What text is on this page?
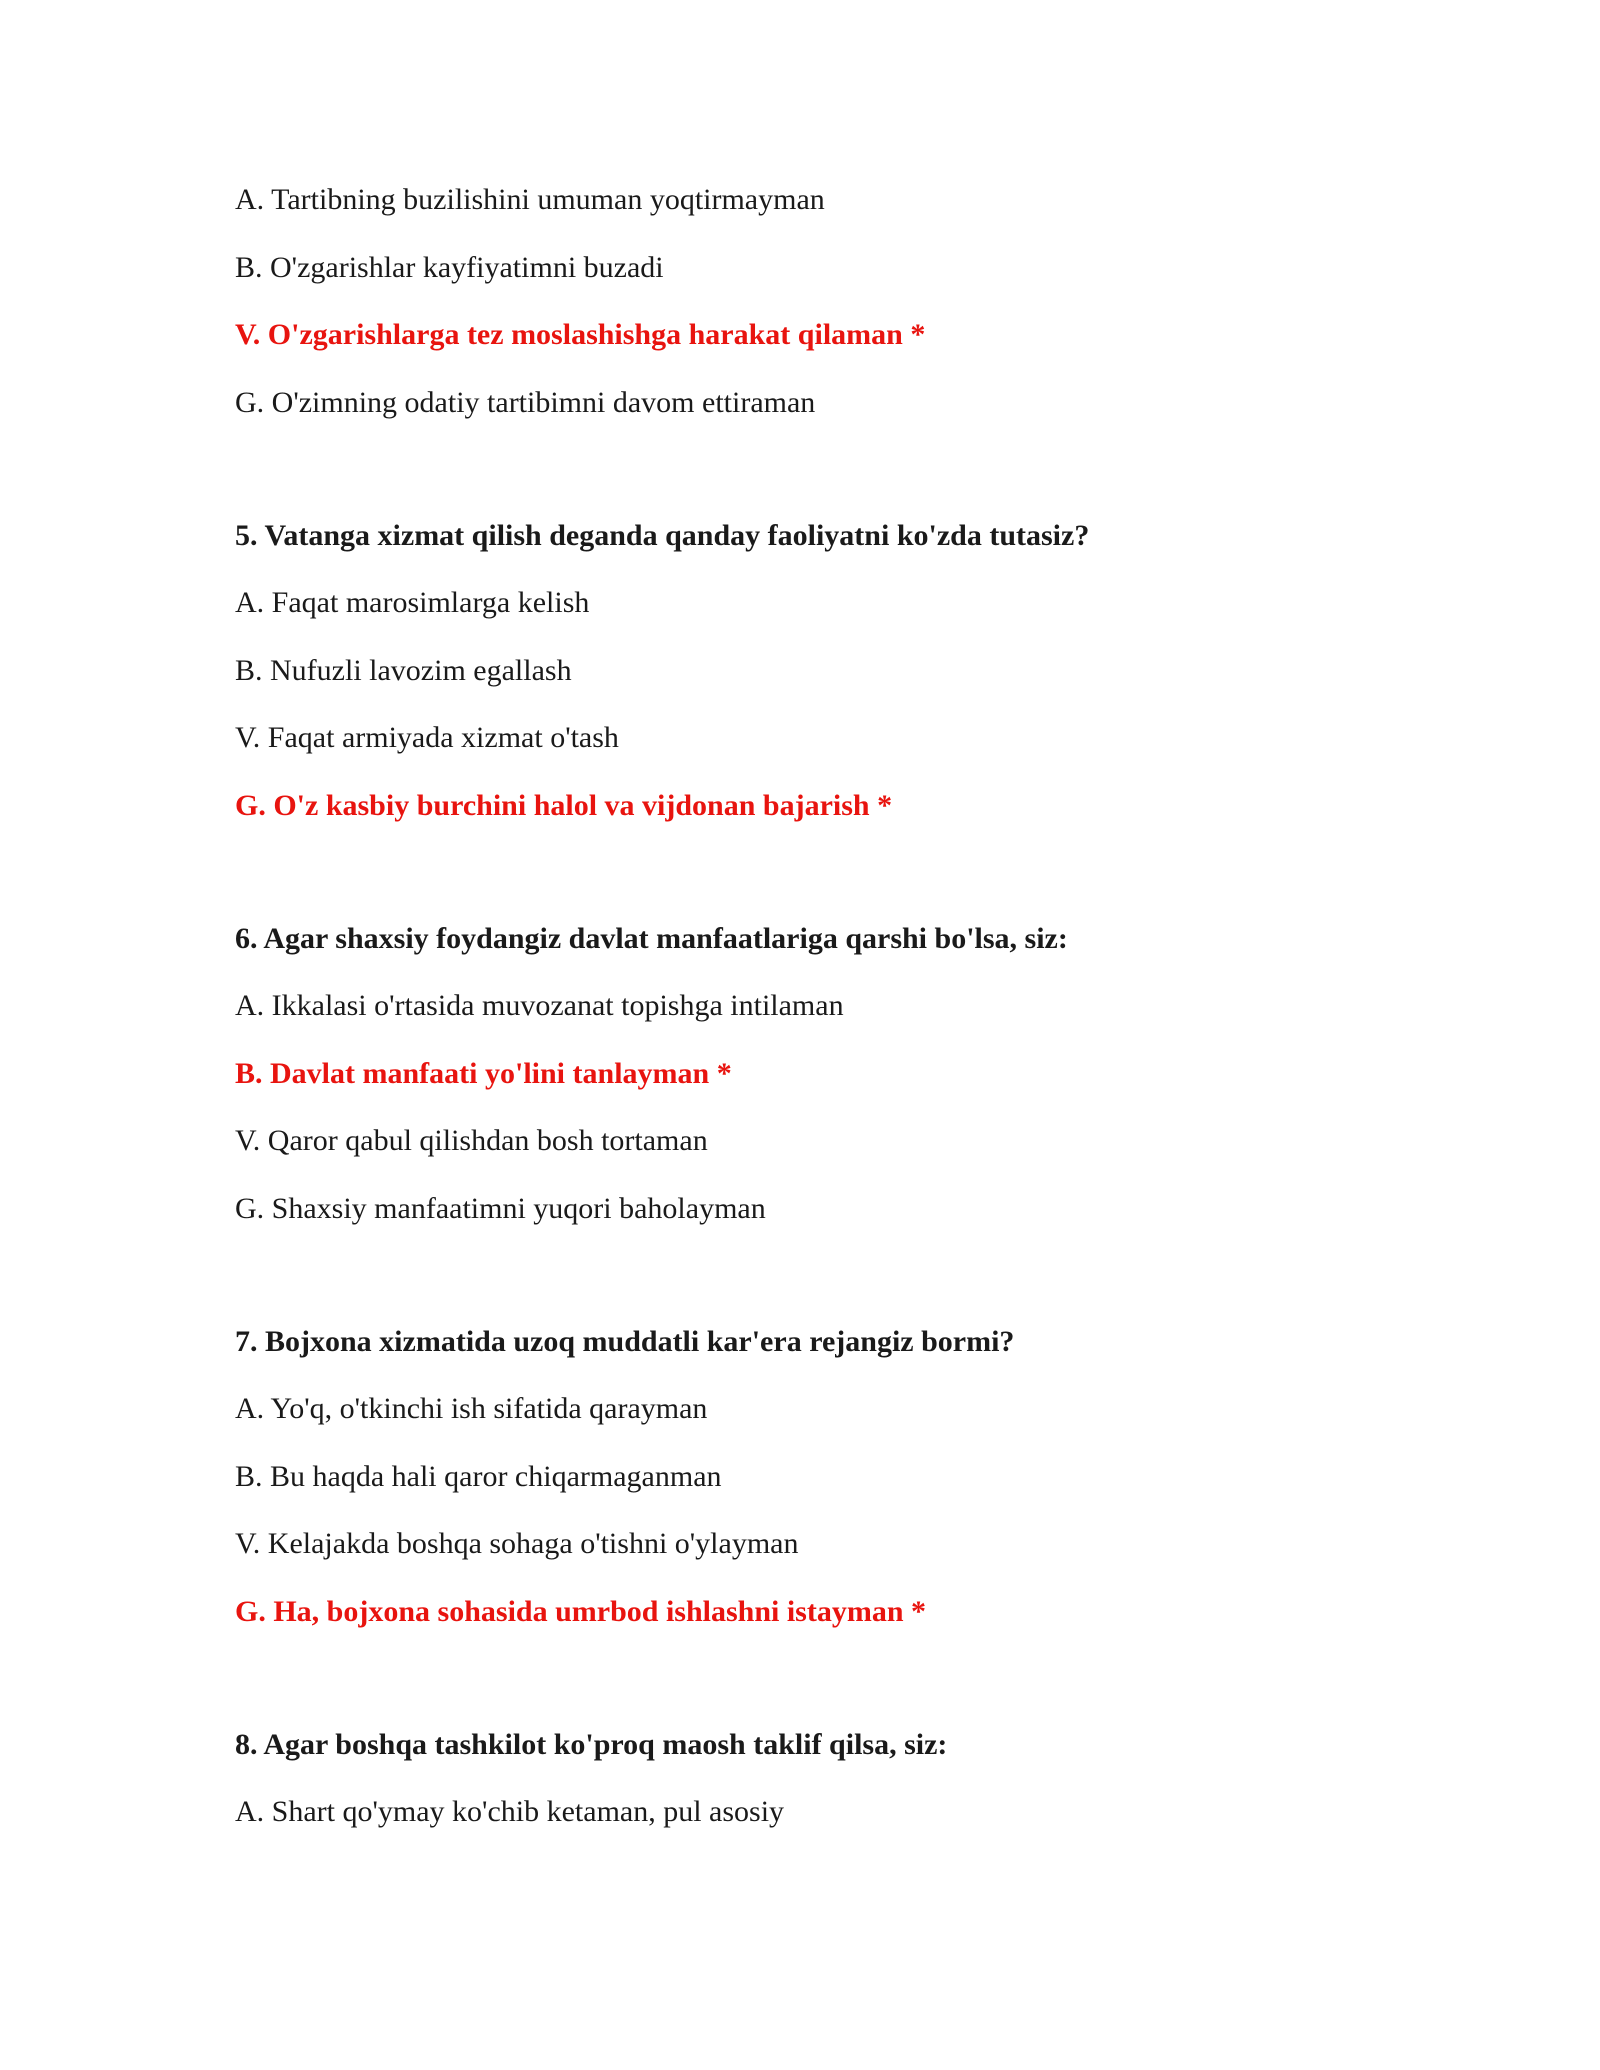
A. Tartibning buzilishini umuman yoqtirmayman

B. O'zgarishlar kayfiyatimni buzadi

V. O'zgarishlarga tez moslashishga harakat qilaman *

G. O'zimning odatiy tartibimni davom ettiraman

5. Vatanga xizmat qilish deganda qanday faoliyatni ko'zda tutasiz?

A. Faqat marosimlarga kelish

B. Nufuzli lavozim egallash

V. Faqat armiyada xizmat o'tash

G. O'z kasbiy burchini halol va vijdonan bajarish *

6. Agar shaxsiy foydangiz davlat manfaatlariga qarshi bo'lsa, siz:

A. Ikkalasi o'rtasida muvozanat topishga intilaman

B. Davlat manfaati yo'lini tanlayman *

V. Qaror qabul qilishdan bosh tortaman

G. Shaxsiy manfaatimni yuqori baholayman

7. Bojxona xizmatida uzoq muddatli kar'era rejangiz bormi?

A. Yo'q, o'tkinchi ish sifatida qarayman

B. Bu haqda hali qaror chiqarmaganman

V. Kelajakda boshqa sohaga o'tishni o'ylayman

G. Ha, bojxona sohasida umrbod ishlashni istayman *

8. Agar boshqa tashkilot ko'proq maosh taklif qilsa, siz:

A. Shart qo'ymay ko'chib ketaman, pul asosiy
